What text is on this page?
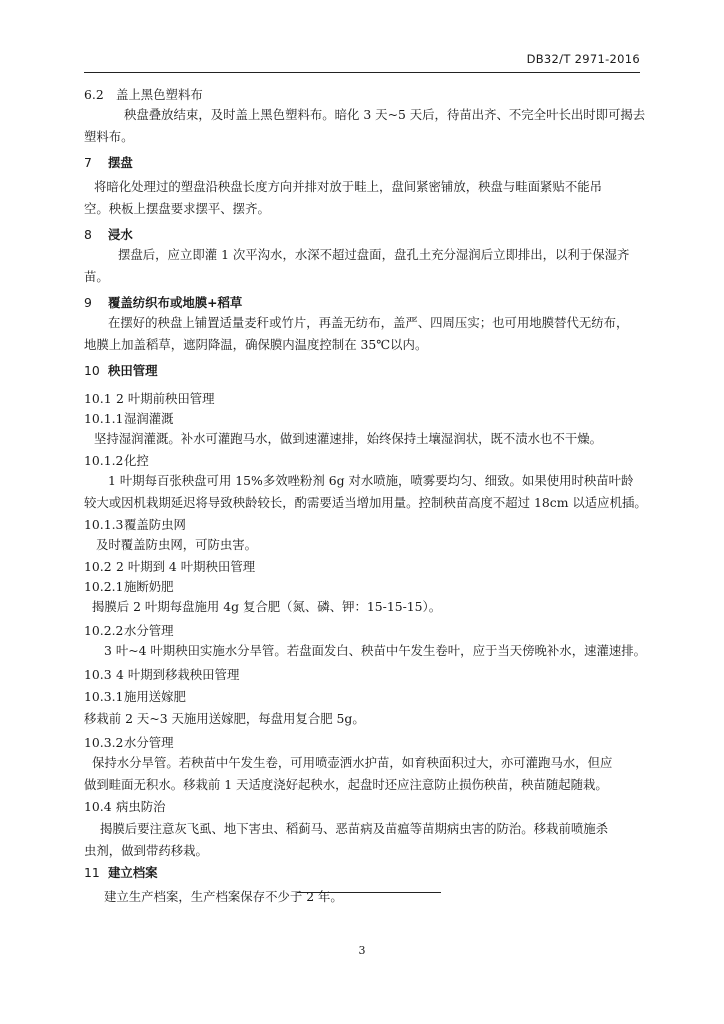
DB32/T 2971-2016
6.2 盖上黑色塑料布
秧盘叠放结束，及时盖上黑色塑料布。暗化 3 天~5 天后，待苗出齐、不完全叶长出时即可揭去
塑料布。
7 摆盘
将暗化处理过的塑盘沿秧盘长度方向并排对放于畦上，盘间紧密铺放，秧盘与畦面紧贴不能吊
空。秧板上摆盘要求摆平、摆齐。
8 浸水
摆盘后，应立即灌 1 次平沟水，水深不超过盘面，盘孔土充分湿润后立即排出，以利于保湿齐
苗。
9 覆盖纺织布或地膜+稻草
在摆好的秧盘上铺置适量麦秆或竹片，再盖无纺布，盖严、四周压实；也可用地膜替代无纺布，
地膜上加盖稻草，遮阴降温，确保膜内温度控制在 35℃以内。
10 秧田管理
10.1 2 叶期前秧田管理
10.1.1湿润灌溉
坚持湿润灌溉。补水可灌跑马水，做到速灌速排，始终保持土壤湿润状，既不渍水也不干燥。
10.1.2化控
1 叶期每百张秧盘可用 15%多效唑粉剂 6g 对水喷施，喷雾要均匀、细致。如果使用时秧苗叶龄
较大或因机栽期延迟将导致秧龄较长，酌需要适当增加用量。控制秧苗高度不超过 18cm 以适应机插。
10.1.3覆盖防虫网
及时覆盖防虫网，可防虫害。
10.2 2 叶期到 4 叶期秧田管理
10.2.1施断奶肥
揭膜后 2 叶期每盘施用 4g 复合肥（氮、磷、钾：15-15-15）。
10.2.2水分管理
3 叶~4 叶期秧田实施水分旱管。若盘面发白、秧苗中午发生卷叶，应于当天傍晚补水，速灌速排。
10.3 4 叶期到移栽秧田管理
10.3.1施用送嫁肥
移栽前 2 天~3 天施用送嫁肥，每盘用复合肥 5g。
10.3.2水分管理
保持水分旱管。若秧苗中午发生卷，可用喷壶洒水护苗，如育秧面积过大，亦可灌跑马水，但应
做到畦面无积水。移栽前 1 天适度浇好起秧水，起盘时还应注意防止损伤秧苗，秧苗随起随栽。
10.4 病虫防治
揭膜后要注意灰飞虱、地下害虫、稻蓟马、恶苗病及苗瘟等苗期病虫害的防治。移栽前喷施杀
虫剂，做到带药移栽。
11 建立档案
建立生产档案，生产档案保存不少于 2 年。
3
